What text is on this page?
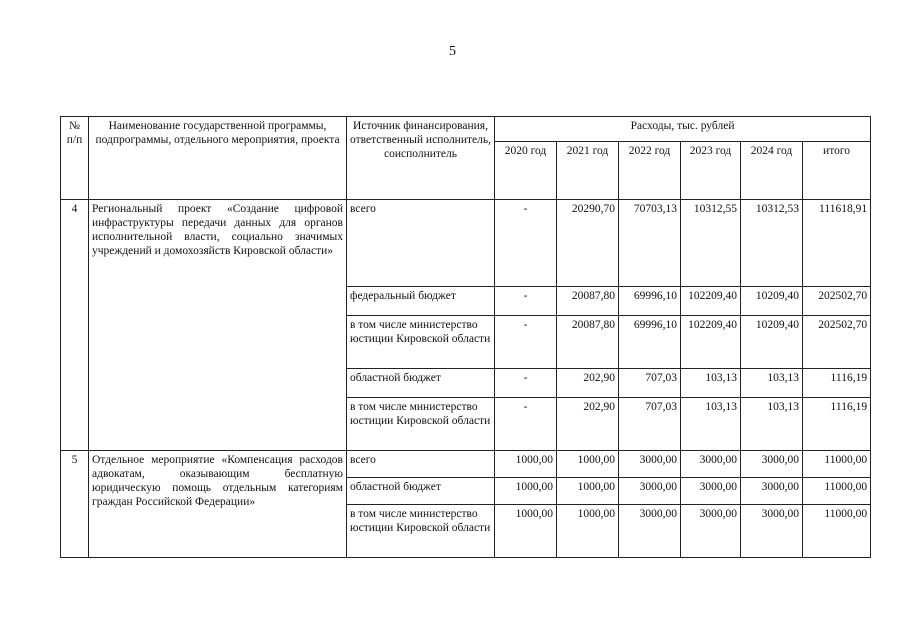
5
№ п/п	Наименование государственной программы, подпрограммы, отдельного мероприятия, проекта	Источник финансирования, ответственный исполнитель, соисполнитель	Расходы, тыс. рублей					
			2020 год	2021 год	2022 год	2023 год	2024 год	итого
4	Региональный проект «Создание цифровой инфраструктуры передачи данных для органов исполнительной власти, социально значимых учреждений и домохозяйств Кировской области»	всего	-	20290,70	70703,13	10312,55	10312,53	111618,91
		федеральный бюджет	-	20087,80	69996,10	102209,40	10209,40	202502,70
		в том числе министерство юстиции Кировской области	-	20087,80	69996,10	102209,40	10209,40	202502,70
		областной бюджет	-	202,90	707,03	103,13	103,13	1116,19
		в том числе министерство юстиции Кировской области	-	202,90	707,03	103,13	103,13	1116,19
5	Отдельное мероприятие «Компенсация расходов адвокатам, оказывающим бесплатную юридическую помощь отдельным категориям граждан Российской Федерации»	всего	1000,00	1000,00	3000,00	3000,00	3000,00	11000,00
		областной бюджет	1000,00	1000,00	3000,00	3000,00	3000,00	11000,00
		в том числе министерство юстиции Кировской области	1000,00	1000,00	3000,00	3000,00	3000,00	11000,00
